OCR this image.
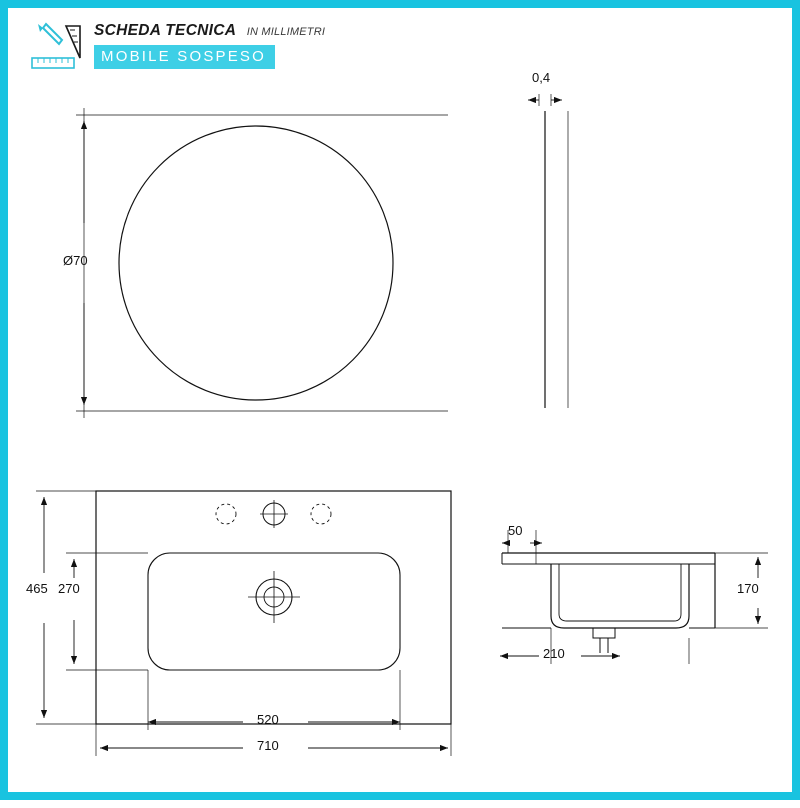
SCHEDA TECNICA IN MILLIMETRI
MOBILE SOSPESO
Ø70
0,4
465 270
520
710
50
170
210
